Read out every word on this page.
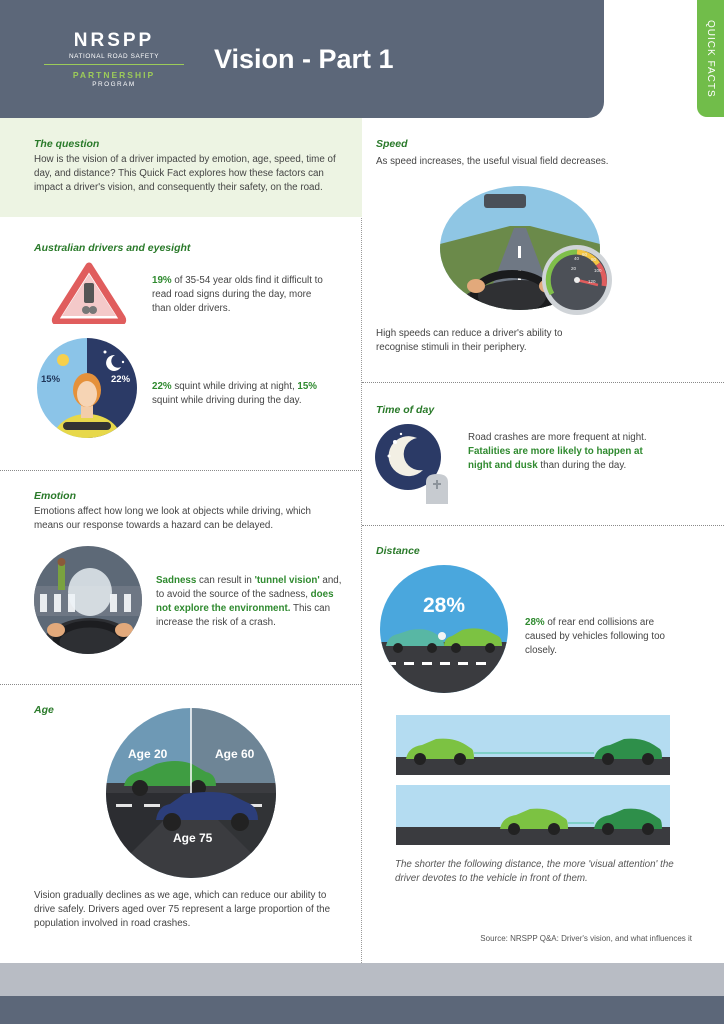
NRSPP
NATIONAL ROAD SAFETY
PARTNERSHIP
PROGRAM
Vision - Part 1	QUICK FACTS
The question
How is the vision of a driver impacted by emotion, age, speed, time of day, and distance? This Quick Fact explores how these factors can impact a driver's vision, and consequently their safety, on the road.
Australian drivers and eyesight
19% of 35-54 year olds find it difficult to read road signs during the day, more than older drivers.
15%	22%
22% squint while driving at night, 15% squint while driving during the day.
Emotion
Emotions affect how long we look at objects while driving, which means our response towards a hazard can be delayed.
Sadness can result in 'tunnel vision' and, to avoid the source of the sadness, does not explore the environment. This can increase the risk of a crash.
Age
Age 20	Age 60
Age 75
Vision gradually declines as we age, which can reduce our ability to drive safely. Drivers aged over 75 represent a large proportion of the population involved in road crashes.
Speed
As speed increases, the useful visual field decreases.
20
40
60
80
100
120
High speeds can reduce a driver's ability to recognise stimuli in their periphery.
Time of day
Road crashes are more frequent at night.
Fatalities are more likely to happen at night and dusk than during the day.
Distance
28%
28% of rear end collisions are caused by vehicles following too closely.
The shorter the following distance, the more 'visual attention' the driver devotes to the vehicle in front of them.
Source: NRSPP Q&A: Driver's vision, and what influences it
